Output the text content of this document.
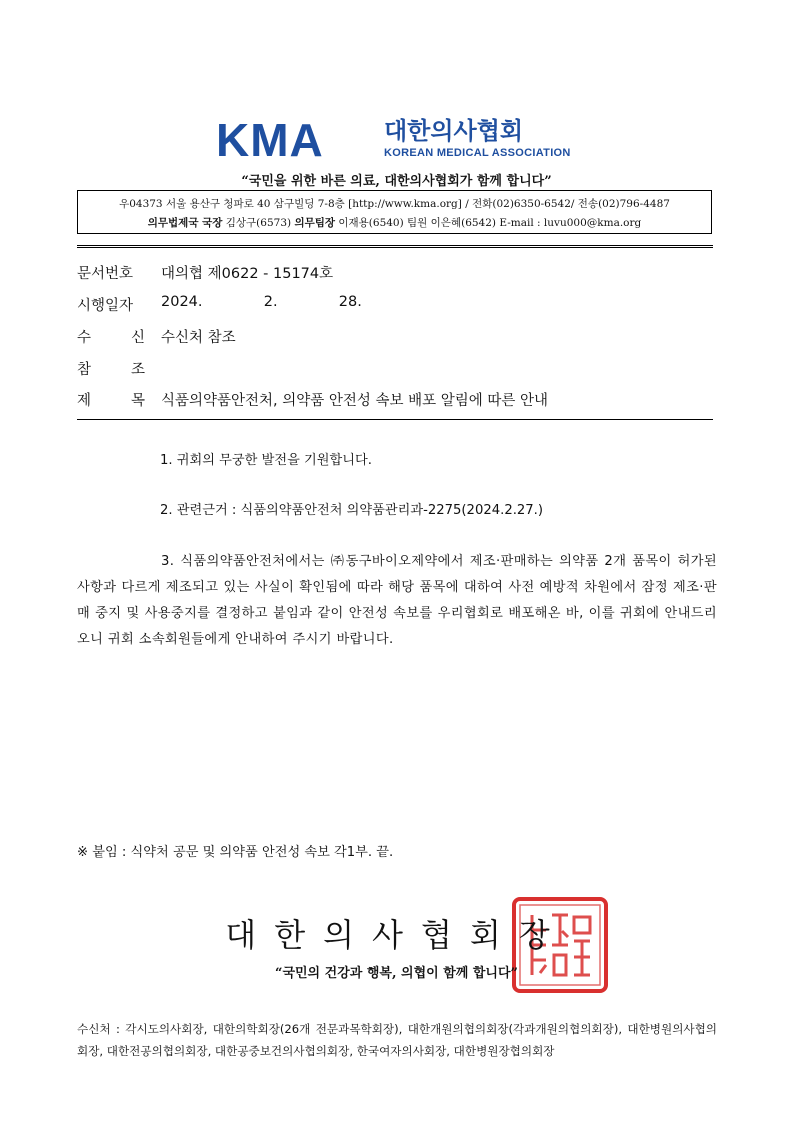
KMA	대한의사협회
KOREAN MEDICAL ASSOCIATION
“국민을 위한 바른 의료, 대한의사협회가 함께 합니다”
우04373 서울 용산구 청파로 40 삼구빌딩 7-8층 [http://www.kma.org] / 전화(02)6350-6542/ 전송(02)796-4487
의무법제국 국장 김상구(6573) 의무팀장 이재용(6540) 팀원 이은혜(6542) E-mail : luvu000@kma.org
문서번호	대의협 제0622 - 15174호
시행일자	2024.	2.	28.
수	신 수신처 참조
참	조
제	목 식품의약품안전처, 의약품 안전성 속보 배포 알림에 따른 안내
1. 귀회의 무궁한 발전을 기원합니다.
2. 관련근거 : 식품의약품안전처 의약품관리과-2275(2024.2.27.)
3. 식품의약품안전처에서는 ㈜동구바이오제약에서 제조·판매하는 의약품 2개 품목이 허가된 사항과 다르게 제조되고 있는 사실이 확인됨에 따라 해당 품목에 대하여 사전 예방적 차원에서 잠정 제조·판매 중지 및 사용중지를 결정하고 붙임과 같이 안전성 속보를 우리협회로 배포해온 바, 이를 귀회에 안내드리오니 귀회 소속회원들에게 안내하여 주시기 바랍니다.
※ 붙임 : 식약처 공문 및 의약품 안전성 속보 각1부. 끝.
대한의사협회장
“국민의 건강과 행복, 의협이 함께 합니다”
수신처 : 각시도의사회장, 대한의학회장(26개 전문과목학회장), 대한개원의협의회장(각과개원의협의회장), 대한병원의사협의회장, 대한전공의협의회장, 대한공중보건의사협의회장, 한국여자의사회장, 대한병원장협의회장
